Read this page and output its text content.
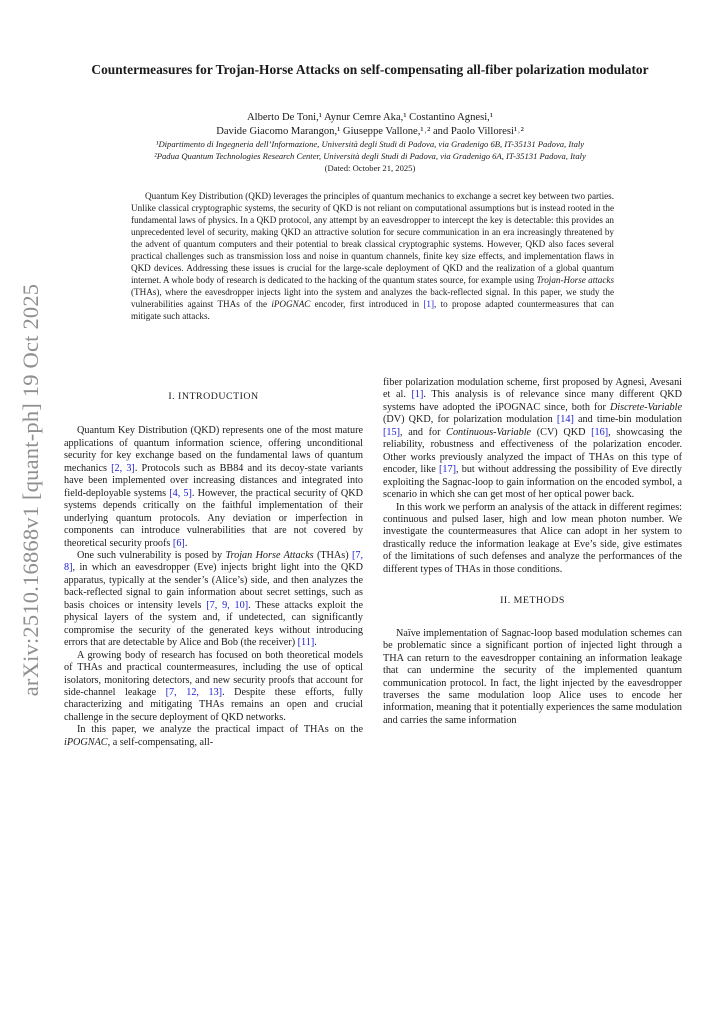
arXiv:2510.16868v1 [quant-ph] 19 Oct 2025
Countermeasures for Trojan-Horse Attacks on self-compensating all-fiber polarization modulator
Alberto De Toni,¹ Aynur Cemre Aka,¹ Costantino Agnesi,¹
Davide Giacomo Marangon,¹ Giuseppe Vallone,¹˒² and Paolo Villoresi¹˒²
¹Dipartimento di Ingegneria dell’Informazione, Università degli Studi di Padova, via Gradenigo 6B, IT-35131 Padova, Italy
²Padua Quantum Technologies Research Center, Università degli Studi di Padova, via Gradenigo 6A, IT-35131 Padova, Italy
(Dated: October 21, 2025)
Quantum Key Distribution (QKD) leverages the principles of quantum mechanics to exchange a secret key between two parties. Unlike classical cryptographic systems, the security of QKD is not reliant on computational assumptions but is instead rooted in the fundamental laws of physics. In a QKD protocol, any attempt by an eavesdropper to intercept the key is detectable: this provides an unprecedented level of security, making QKD an attractive solution for secure communication in an era increasingly threatened by the advent of quantum computers and their potential to break classical cryptographic systems. However, QKD also faces several practical challenges such as transmission loss and noise in quantum channels, finite key size effects, and implementation flaws in QKD devices. Addressing these issues is crucial for the large-scale deployment of QKD and the realization of a global quantum internet. A whole body of research is dedicated to the hacking of the quantum states source, for example using Trojan-Horse attacks (THAs), where the eavesdropper injects light into the system and analyzes the back-reflected signal. In this paper, we study the vulnerabilities against THAs of the iPOGNAC encoder, first introduced in [1], to propose adapted countermeasures that can mitigate such attacks.
I. INTRODUCTION

Quantum Key Distribution (QKD) represents one of the most mature applications of quantum information science, offering unconditional security for key exchange based on the fundamental laws of quantum mechanics [2, 3]. Protocols such as BB84 and its decoy-state variants have been implemented over increasing distances and integrated into field-deployable systems [4, 5]. However, the practical security of QKD systems depends critically on the faithful implementation of their underlying quantum protocols. Any deviation or imperfection in components can introduce vulnerabilities that are not covered by theoretical security proofs [6].

One such vulnerability is posed by Trojan Horse Attacks (THAs) [7, 8], in which an eavesdropper (Eve) injects bright light into the QKD apparatus, typically at the sender’s (Alice’s) side, and then analyzes the back-reflected signal to gain information about secret settings, such as basis choices or intensity levels [7, 9, 10]. These attacks exploit the physical layers of the system and, if undetected, can significantly compromise the security of the generated keys without introducing errors that are detectable by Alice and Bob (the receiver) [11].

A growing body of research has focused on both theoretical models of THAs and practical countermeasures, including the use of optical isolators, monitoring detectors, and new security proofs that account for side-channel leakage [7, 12, 13]. Despite these efforts, fully characterizing and mitigating THAs remains an open and crucial challenge in the secure deployment of QKD networks.

In this paper, we analyze the practical impact of THAs on the iPOGNAC, a self-compensating, all-

fiber polarization modulation scheme, first proposed by Agnesi, Avesani et al. [1]. This analysis is of relevance since many different QKD systems have adopted the iPOGNAC since, both for Discrete-Variable (DV) QKD, for polarization modulation [14] and time-bin modulation [15], and for Continuous-Variable (CV) QKD [16], showcasing the reliability, robustness and effectiveness of the polarization encoder. Other works previously analyzed the impact of THAs on this type of encoder, like [17], but without addressing the possibility of Eve directly exploiting the Sagnac-loop to gain information on the encoded symbol, a scenario in which she can get most of her optical power back.

In this work we perform an analysis of the attack in different regimes: continuous and pulsed laser, high and low mean photon number. We investigate the countermeasures that Alice can adopt in her system to drastically reduce the information leakage at Eve’s side, give estimates of the limitations of such defenses and analyze the performances of the different types of THAs in those conditions.

II. METHODS

Naïve implementation of Sagnac-loop based modulation schemes can be problematic since a significant portion of injected light through a THA can return to the eavesdropper containing an information leakage that can undermine the security of the implemented quantum communication protocol. In fact, the light injected by the eavesdropper traverses the same modulation loop Alice uses to encode her information, meaning that it potentially experiences the same modulation and carries the same information
